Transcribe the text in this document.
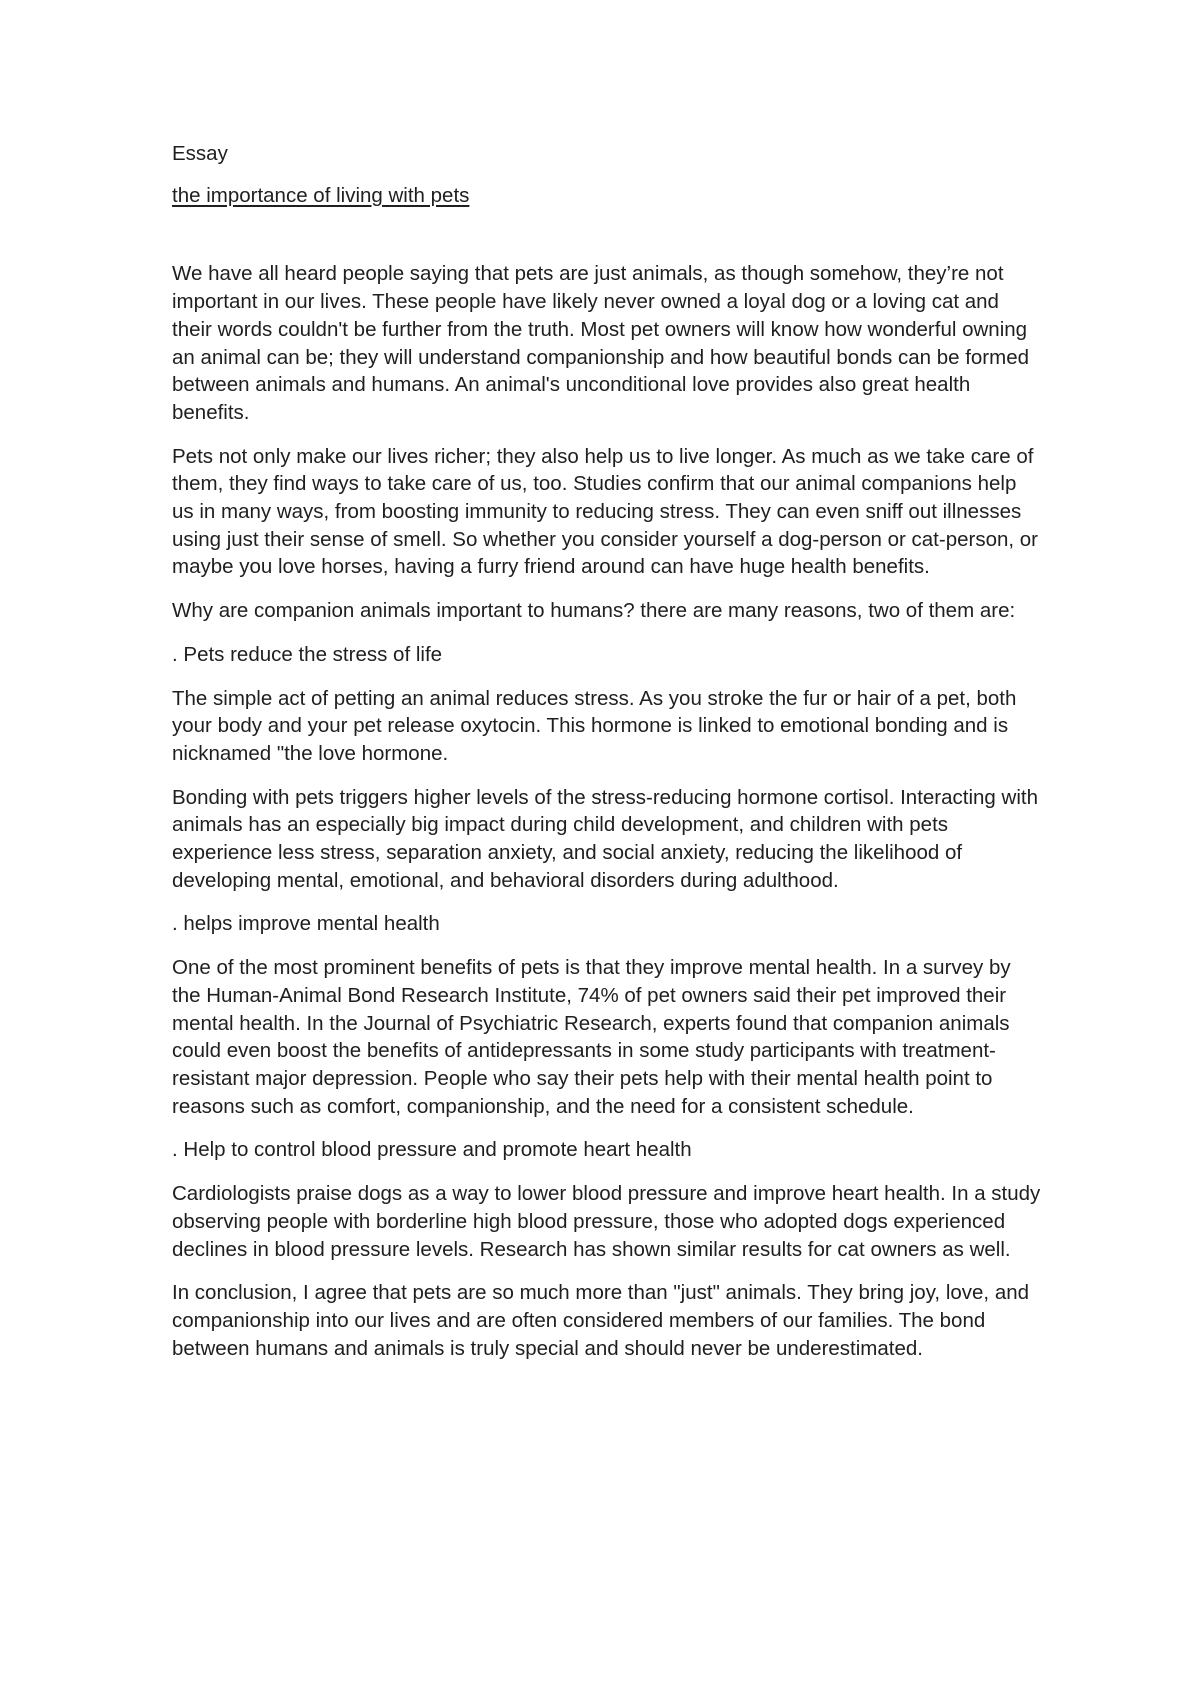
Essay

the importance of living with pets

We have all heard people saying that pets are just animals, as though somehow, they’re not important in our lives. These people have likely never owned a loyal dog or a loving cat and their words couldn't be further from the truth. Most pet owners will know how wonderful owning an animal can be; they will understand companionship and how beautiful bonds can be formed between animals and humans. An animal's unconditional love provides also great health benefits.

Pets not only make our lives richer; they also help us to live longer. As much as we take care of them, they find ways to take care of us, too. Studies confirm that our animal companions help us in many ways, from boosting immunity to reducing stress. They can even sniff out illnesses using just their sense of smell. So whether you consider yourself a dog-person or cat-person, or maybe you love horses, having a furry friend around can have huge health benefits.

Why are companion animals important to humans? there are many reasons, two of them are:

. Pets reduce the stress of life

The simple act of petting an animal reduces stress. As you stroke the fur or hair of a pet, both your body and your pet release oxytocin. This hormone is linked to emotional bonding and is nicknamed "the love hormone.

Bonding with pets triggers higher levels of the stress-reducing hormone cortisol. Interacting with animals has an especially big impact during child development, and children with pets experience less stress, separation anxiety, and social anxiety, reducing the likelihood of developing mental, emotional, and behavioral disorders during adulthood.

. helps improve mental health

One of the most prominent benefits of pets is that they improve mental health. In a survey by the Human-Animal Bond Research Institute, 74% of pet owners said their pet improved their mental health. In the Journal of Psychiatric Research, experts found that companion animals could even boost the benefits of antidepressants in some study participants with treatment-resistant major depression. People who say their pets help with their mental health point to reasons such as comfort, companionship, and the need for a consistent schedule.

. Help to control blood pressure and promote heart health

Cardiologists praise dogs as a way to lower blood pressure and improve heart health. In a study observing people with borderline high blood pressure, those who adopted dogs experienced declines in blood pressure levels. Research has shown similar results for cat owners as well.

In conclusion, I agree that pets are so much more than "just" animals. They bring joy, love, and companionship into our lives and are often considered members of our families. The bond between humans and animals is truly special and should never be underestimated.
